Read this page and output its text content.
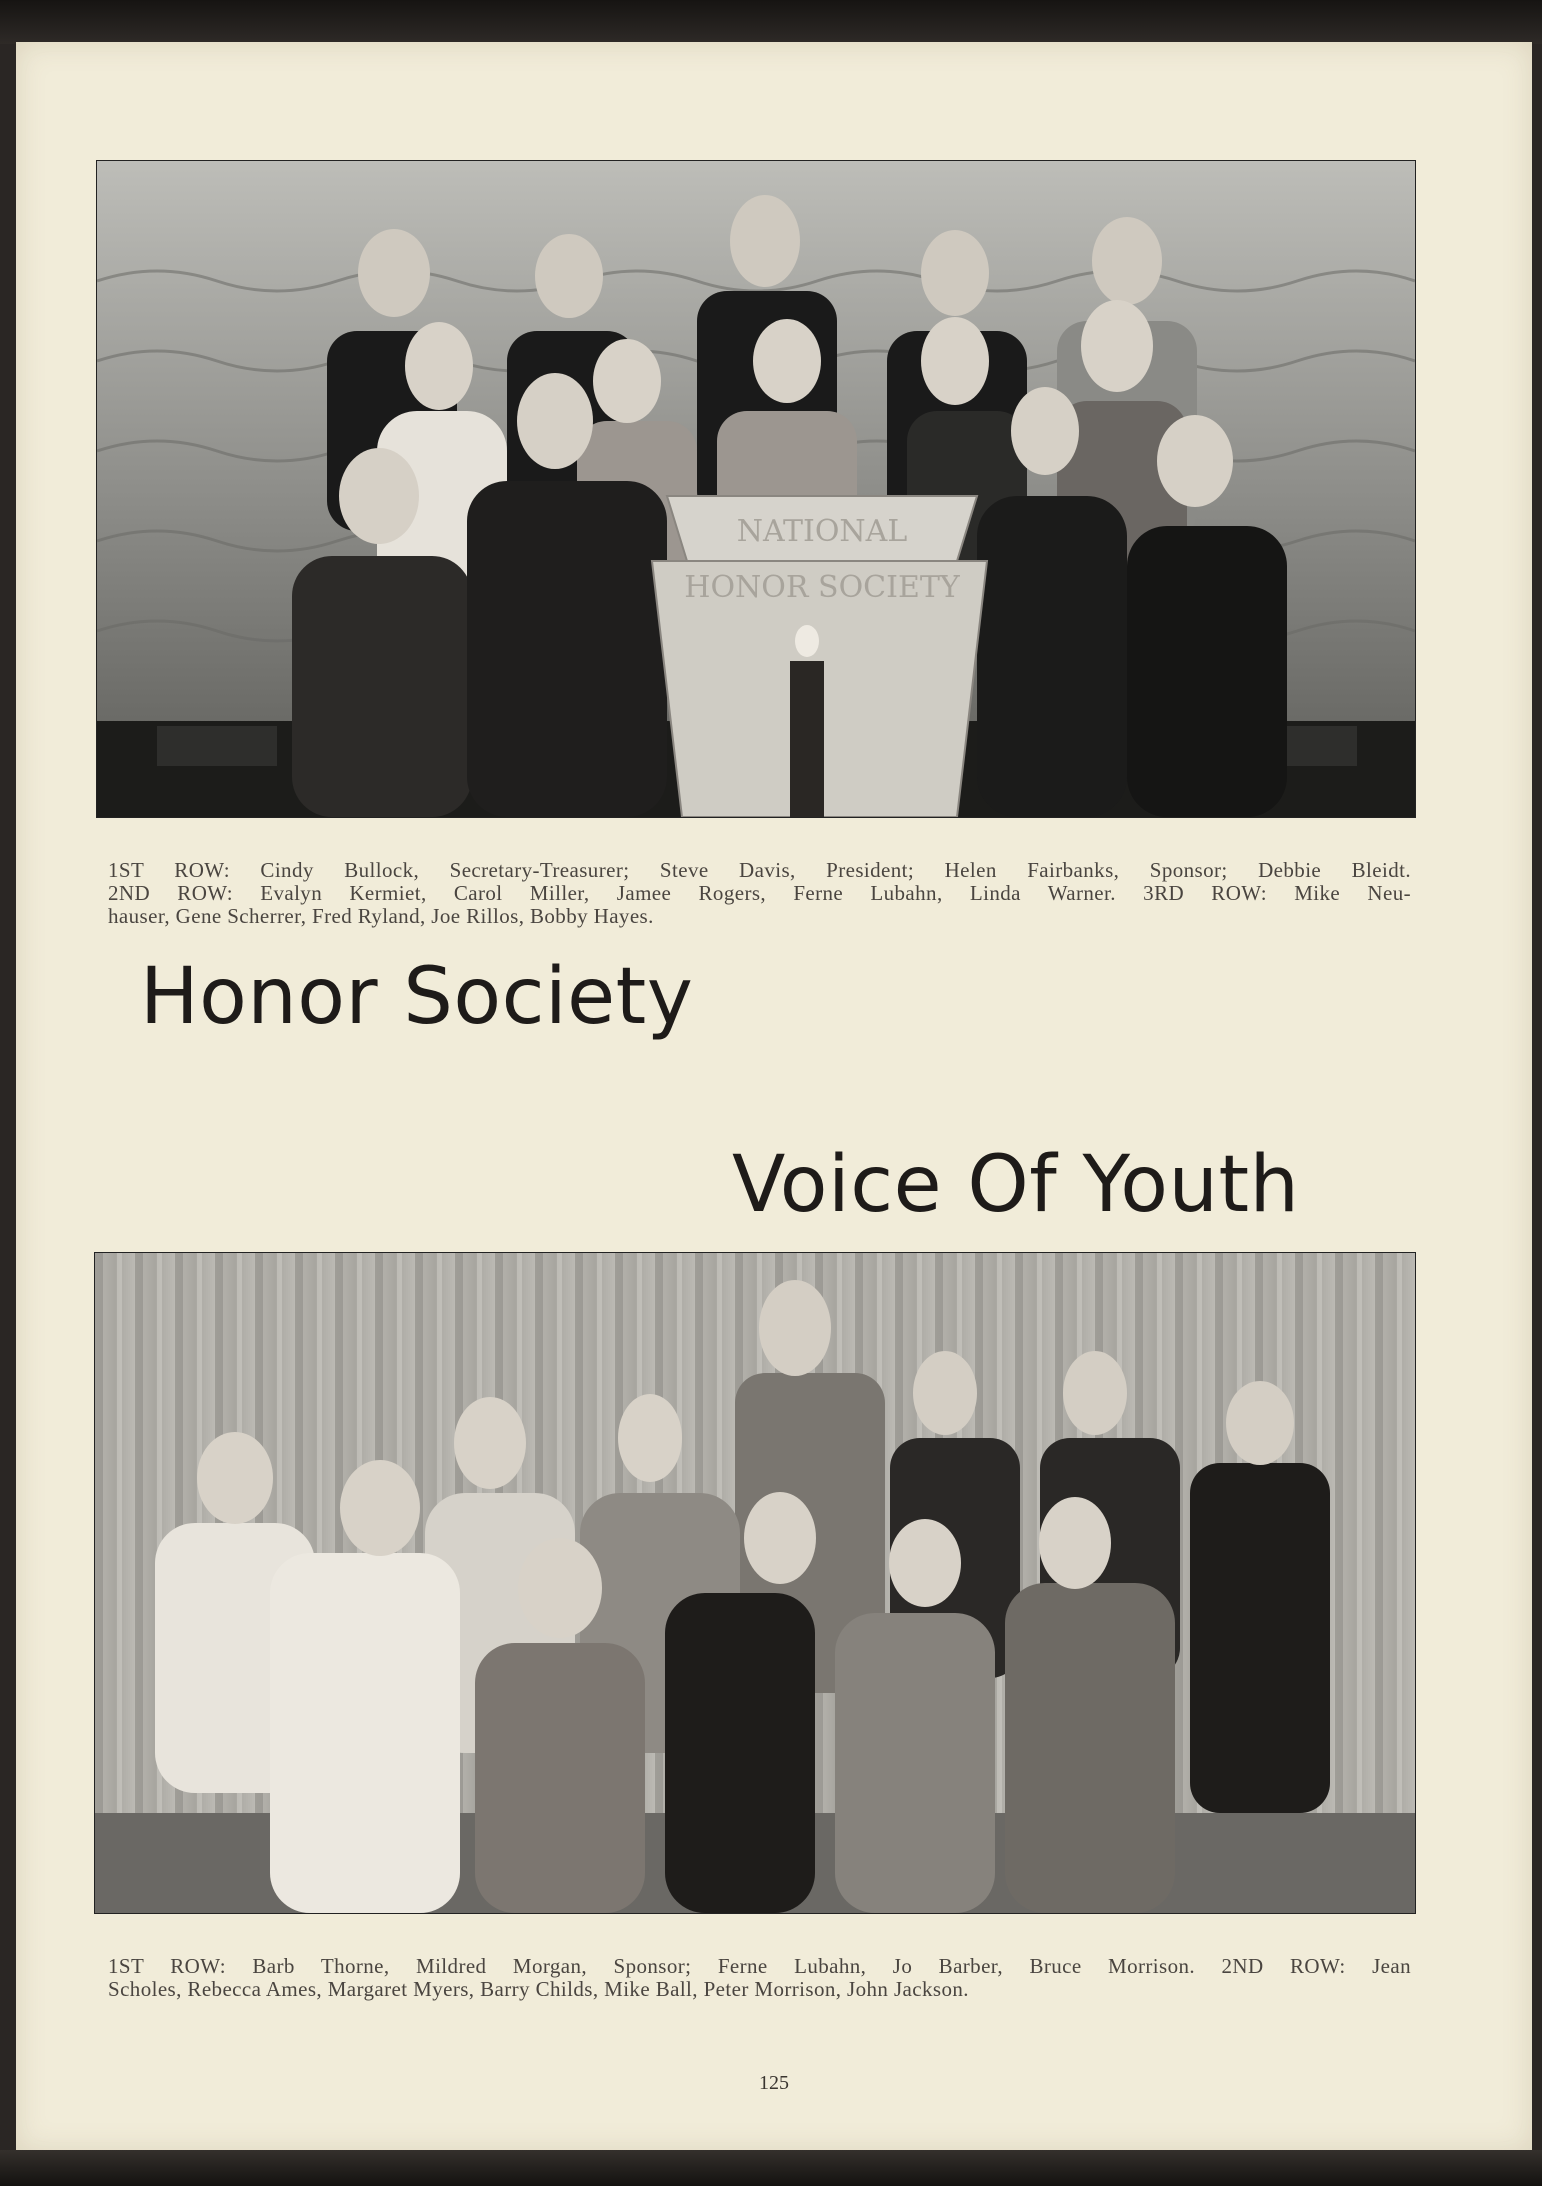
NATIONAL
HONOR SOCIETY
1ST ROW: Cindy Bullock, Secretary-Treasurer; Steve Davis, President; Helen Fairbanks, Sponsor; Debbie Bleidt.
2ND ROW: Evalyn Kermiet, Carol Miller, Jamee Rogers, Ferne Lubahn, Linda Warner. 3RD ROW: Mike Neu-
hauser, Gene Scherrer, Fred Ryland, Joe Rillos, Bobby Hayes.
Honor Society
Voice Of Youth
1ST ROW: Barb Thorne, Mildred Morgan, Sponsor; Ferne Lubahn, Jo Barber, Bruce Morrison. 2ND ROW: Jean
Scholes, Rebecca Ames, Margaret Myers, Barry Childs, Mike Ball, Peter Morrison, John Jackson.
125
